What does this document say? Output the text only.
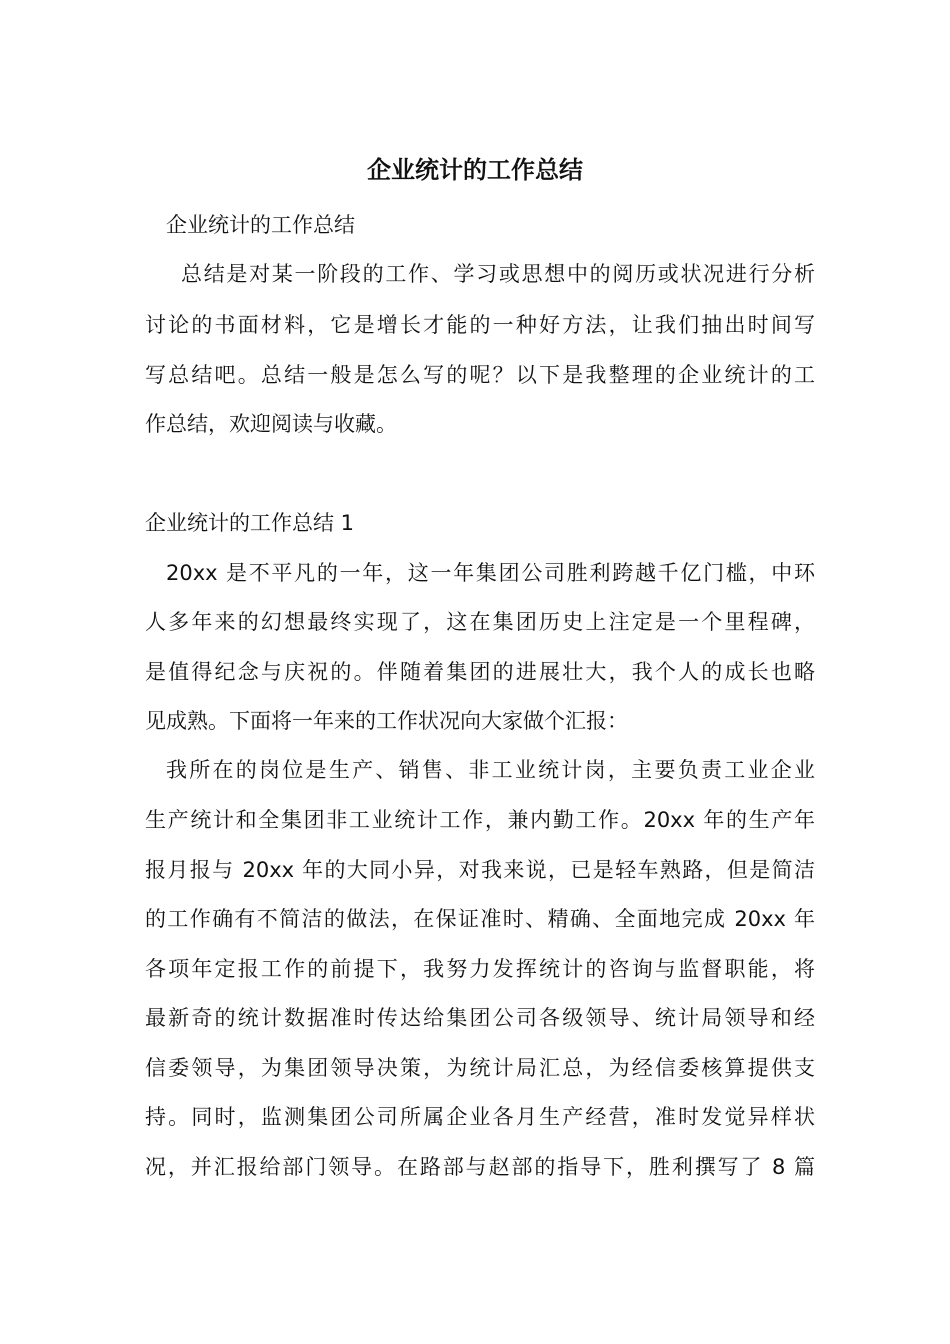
企业统计的工作总结

企业统计的工作总结

总结是对某一阶段的工作、学习或思想中的阅历或状况进行分析

讨论的书面材料，它是增长才能的一种好方法，让我们抽出时间写

写总结吧。总结一般是怎么写的呢？以下是我整理的企业统计的工

作总结，欢迎阅读与收藏。

企业统计的工作总结 1

20xx 是不平凡的一年，这一年集团公司胜利跨越千亿门槛，中环

人多年来的幻想最终实现了，这在集团历史上注定是一个里程碑，

是值得纪念与庆祝的。伴随着集团的进展壮大，我个人的成长也略

见成熟。下面将一年来的工作状况向大家做个汇报：

我所在的岗位是生产、销售、非工业统计岗，主要负责工业企业

生产统计和全集团非工业统计工作，兼内勤工作。20xx 年的生产年

报月报与 20xx 年的大同小异，对我来说，已是轻车熟路，但是简洁

的工作确有不简洁的做法，在保证准时、精确、全面地完成 20xx 年

各项年定报工作的前提下，我努力发挥统计的咨询与监督职能，将

最新奇的统计数据准时传达给集团公司各级领导、统计局领导和经

信委领导，为集团领导决策，为统计局汇总，为经信委核算提供支

持。同时，监测集团公司所属企业各月生产经营，准时发觉异样状

况，并汇报给部门领导。在路部与赵部的指导下，胜利撰写了 8 篇
